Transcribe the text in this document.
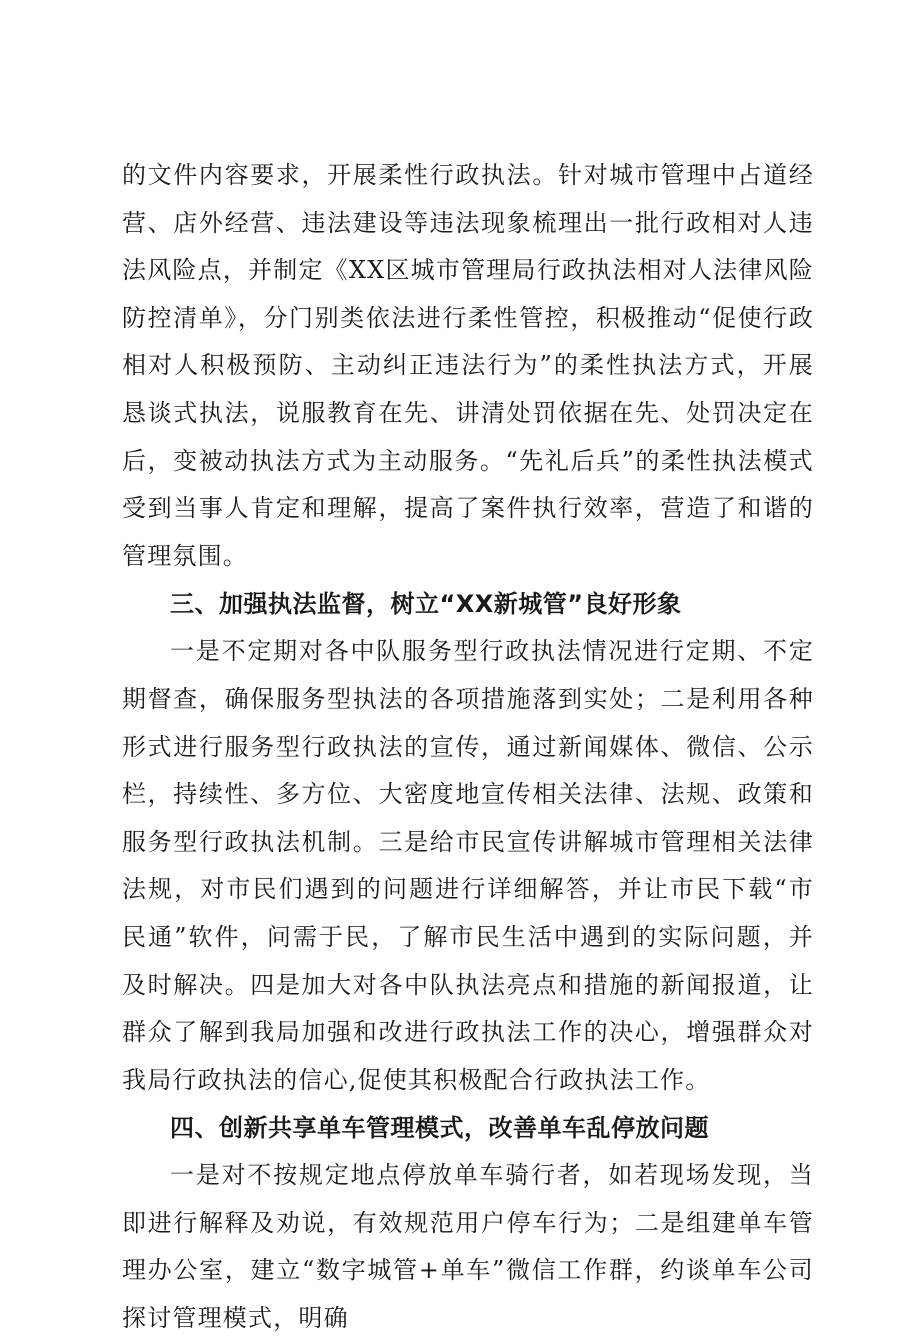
的文件内容要求，开展柔性行政执法。针对城市管理中占道经营、店外经营、违法建设等违法现象梳理出一批行政相对人违法风险点，并制定《XX区城市管理局行政执法相对人法律风险防控清单》，分门别类依法进行柔性管控，积极推动“促使行政相对人积极预防、主动纠正违法行为”的柔性执法方式，开展恳谈式执法，说服教育在先、讲清处罚依据在先、处罚决定在后，变被动执法方式为主动服务。“先礼后兵”的柔性执法模式受到当事人肯定和理解，提高了案件执行效率，营造了和谐的管理氛围。

三、加强执法监督，树立“XX新城管”良好形象

一是不定期对各中队服务型行政执法情况进行定期、不定期督查，确保服务型执法的各项措施落到实处；二是利用各种形式进行服务型行政执法的宣传，通过新闻媒体、微信、公示栏，持续性、多方位、大密度地宣传相关法律、法规、政策和服务型行政执法机制。三是给市民宣传讲解城市管理相关法律法规，对市民们遇到的问题进行详细解答，并让市民下载“市民通”软件，问需于民，了解市民生活中遇到的实际问题，并及时解决。四是加大对各中队执法亮点和措施的新闻报道，让群众了解到我局加强和改进行政执法工作的决心，增强群众对我局行政执法的信心,促使其积极配合行政执法工作。

四、创新共享单车管理模式，改善单车乱停放问题

一是对不按规定地点停放单车骑行者，如若现场发现，当即进行解释及劝说，有效规范用户停车行为；二是组建单车管理办公室，建立“数字城管+单车”微信工作群，约谈单车公司探讨管理模式，明确
